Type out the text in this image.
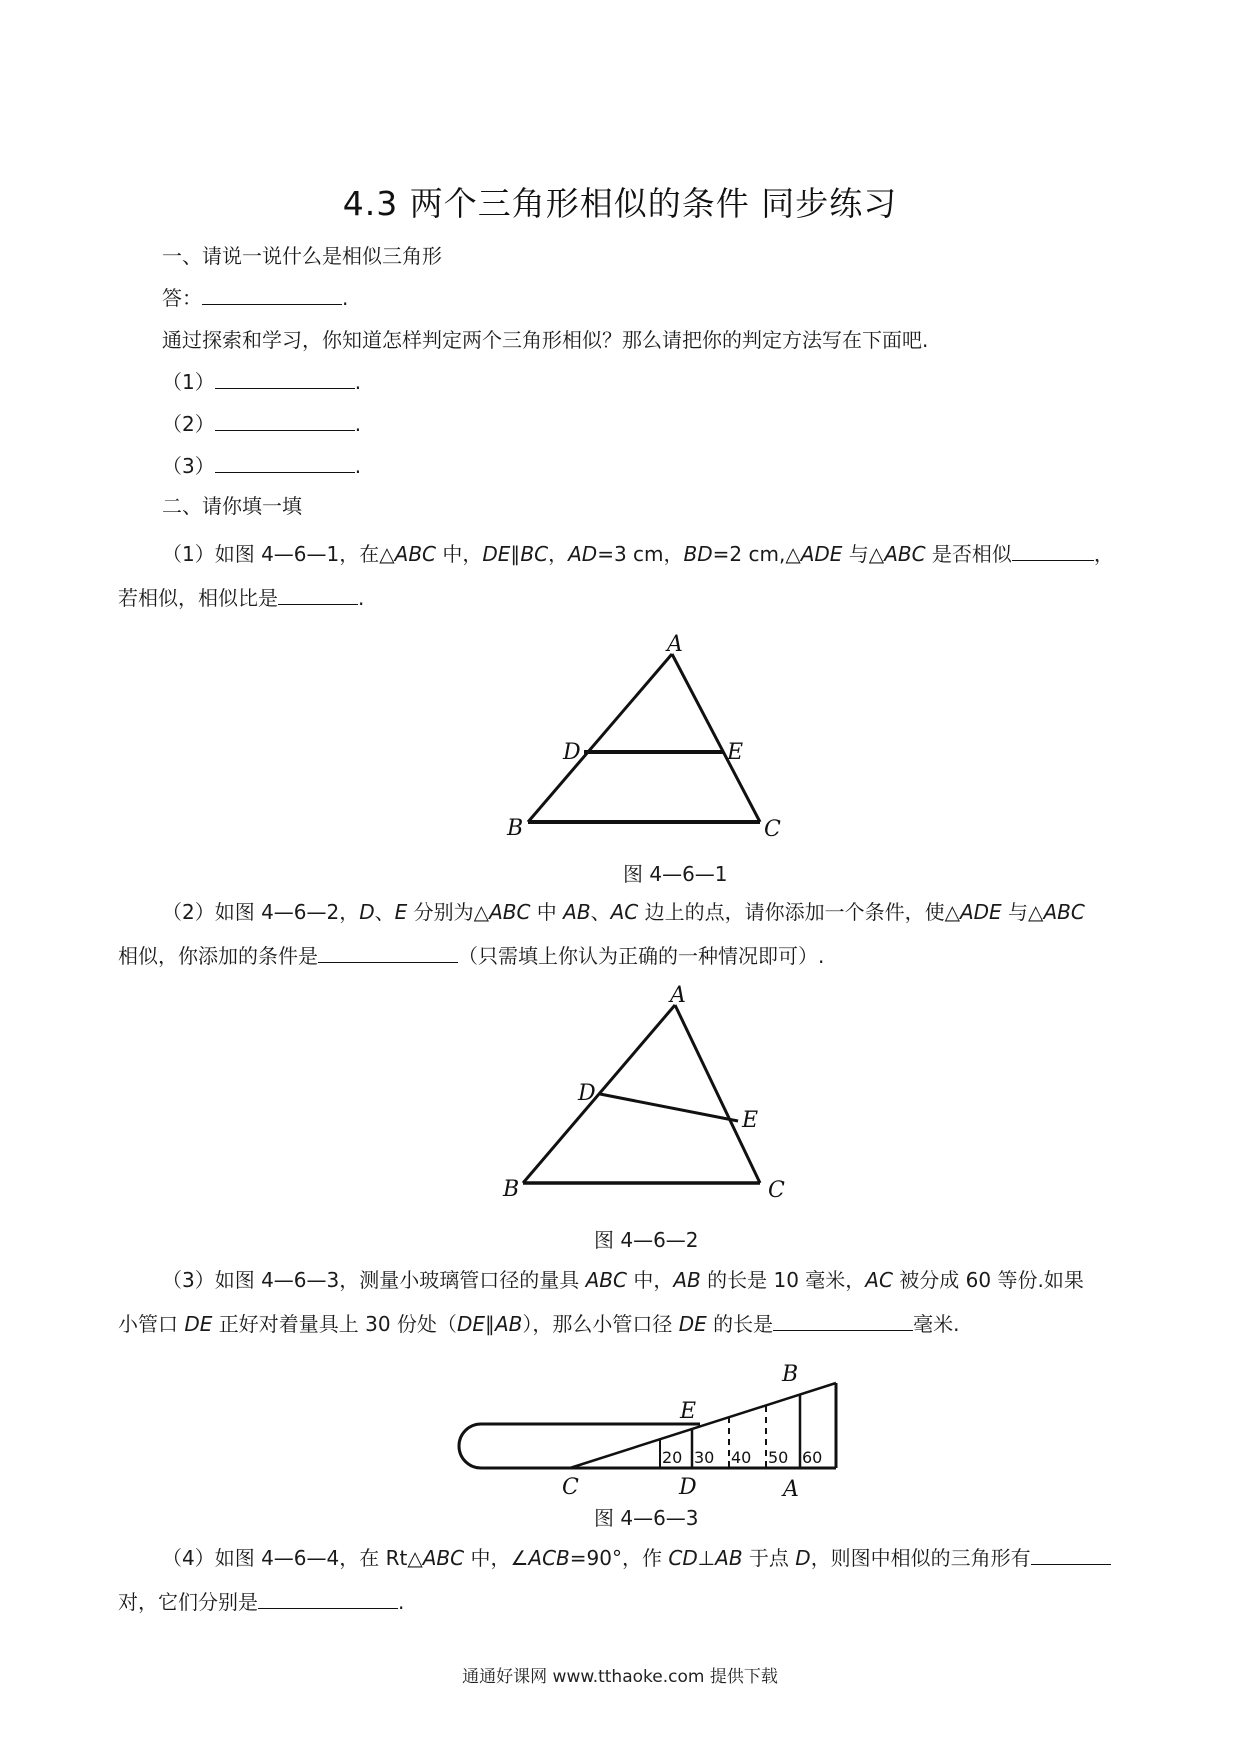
4.3 两个三角形相似的条件 同步练习
一、请说一说什么是相似三角形
答：	.
通过探索和学习，你知道怎样判定两个三角形相似？那么请把你的判定方法写在下面吧.
（1）	.
（2）	.
（3）	.
二、请你填一填
（1）如图 4—6—1，在△ABC 中，DE∥BC，AD=3 cm，BD=2 cm,△ADE 与△ABC 是否相似	，
若相似，相似比是	.
A
B	C
D	E
图 4—6—1
（2）如图 4—6—2，D、E 分别为△ABC 中 AB、AC 边上的点，请你添加一个条件，使△ADE 与△ABC
相似，你添加的条件是	（只需填上你认为正确的一种情况即可）.
A
B	C
D
E
图 4—6—2
（3）如图 4—6—3，测量小玻璃管口径的量具 ABC 中，AB 的长是 10 毫米，AC 被分成 60 等份.如果
小管口 DE 正好对着量具上 30 份处（DE∥AB），那么小管口径 DE 的长是	毫米.
20 30 40 50 60
C	D	A
E
B
图 4—6—3
（4）如图 4—6—4，在 Rt△ABC 中，∠ACB=90°，作 CD⊥AB 于点 D，则图中相似的三角形有
对，它们分别是	.
通通好课网 www.tthaoke.com 提供下载
